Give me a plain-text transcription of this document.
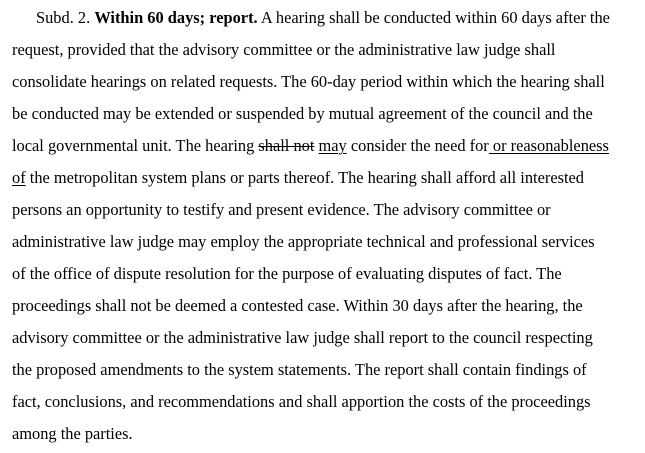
Subd. 2. Within 60 days; report. A hearing shall be conducted within 60 days after the
request, provided that the advisory committee or the administrative law judge shall
consolidate hearings on related requests. The 60-day period within which the hearing shall
be conducted may be extended or suspended by mutual agreement of the council and the
local governmental unit. The hearing shall not may consider the need for or reasonableness
of the metropolitan system plans or parts thereof. The hearing shall afford all interested
persons an opportunity to testify and present evidence. The advisory committee or
administrative law judge may employ the appropriate technical and professional services
of the office of dispute resolution for the purpose of evaluating disputes of fact. The
proceedings shall not be deemed a contested case. Within 30 days after the hearing, the
advisory committee or the administrative law judge shall report to the council respecting
the proposed amendments to the system statements. The report shall contain findings of
fact, conclusions, and recommendations and shall apportion the costs of the proceedings
among the parties.
